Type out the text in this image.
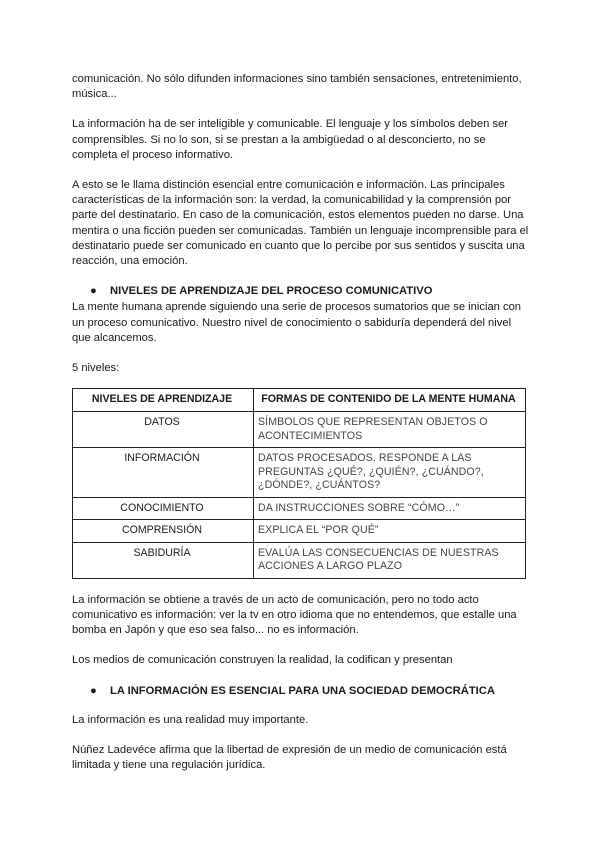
comunicación. No sólo difunden informaciones sino también sensaciones, entretenimiento, música...

La información ha de ser inteligible y comunicable. El lenguaje y los símbolos deben ser comprensibles. Si no lo son, si se prestan a la ambigüedad o al desconcierto, no se completa el proceso informativo.

A esto se le llama distinción esencial entre comunicación e información. Las principales características de la información son: la verdad, la comunicabilidad y la comprensión por parte del destinatario. En caso de la comunicación, estos elementos pueden no darse. Una mentira o una ficción pueden ser comunicadas. También un lenguaje incomprensible para el destinatario puede ser comunicado en cuanto que lo percibe por sus sentidos y suscita una reacción, una emoción.

●	NIVELES DE APRENDIZAJE DEL PROCESO COMUNICATIVO

La mente humana aprende siguiendo una serie de procesos sumatorios que se inician con un proceso comunicativo. Nuestro nivel de conocimiento o sabiduría dependerá del nivel que alcancemos.

5 niveles:

NIVELES DE APRENDIZAJE	FORMAS DE CONTENIDO DE LA MENTE HUMANA
DATOS	SÍMBOLOS QUE REPRESENTAN OBJETOS O ACONTECIMIENTOS
INFORMACIÓN	DATOS PROCESADOS. RESPONDE A LAS PREGUNTAS ¿QUÉ?, ¿QUIÉN?, ¿CUÁNDO?, ¿DÓNDE?, ¿CUÁNTOS?
CONOCIMIENTO	DA INSTRUCCIONES SOBRE “CÓMO…”
COMPRENSIÓN	EXPLICA EL “POR QUÉ”
SABIDURÍA	EVALÚA LAS CONSECUENCIAS DE NUESTRAS ACCIONES A LARGO PLAZO

La información se obtiene a través de un acto de comunicación, pero no todo acto comunicativo es información: ver la tv en otro idioma que no entendemos, que estalle una bomba en Japón y que eso sea falso... no es información.

Los medios de comunicación construyen la realidad, la codifican y presentan

●	LA INFORMACIÓN ES ESENCIAL PARA UNA SOCIEDAD DEMOCRÁTICA

La información es una realidad muy importante.

Núñez Ladevéce afirma que la libertad de expresión de un medio de comunicación está limitada y tiene una regulación jurídica.
